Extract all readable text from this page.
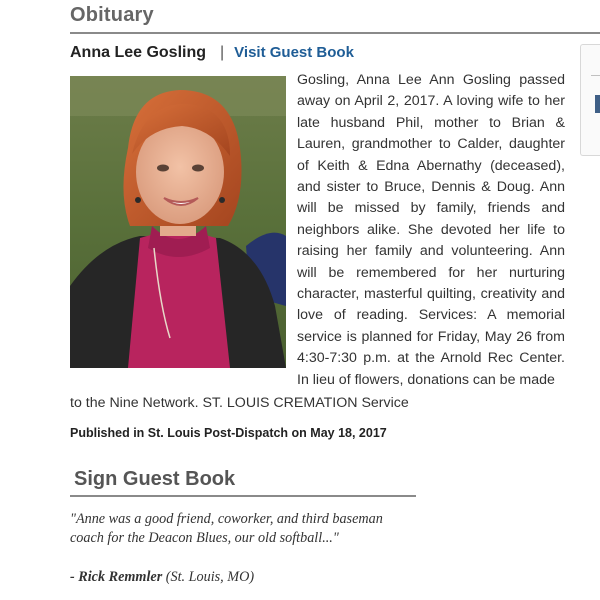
Obituary
Anna Lee Gosling | Visit Guest Book
Gosling, Anna Lee Ann Gosling passed away on April 2, 2017. A loving wife to her late husband Phil, mother to Brian & Lauren, grandmother to Calder, daughter of Keith & Edna Abernathy (deceased), and sister to Bruce, Dennis & Doug. Ann will be missed by family, friends and neighbors alike. She devoted her life to raising her family and volunteering. Ann will be remembered for her nurturing character, masterful quilting, creativity and love of reading. Services: A memorial service is planned for Friday, May 26 from 4:30-7:30 p.m. at the Arnold Rec Center. In lieu of flowers, donations can be made
to the Nine Network. ST. LOUIS CREMATION Service
Published in St. Louis Post-Dispatch on May 18, 2017
Sign Guest Book
"Anne was a good friend, coworker, and third baseman coach for the Deacon Blues, our old softball..."
- Rick Remmler (St. Louis, MO)
